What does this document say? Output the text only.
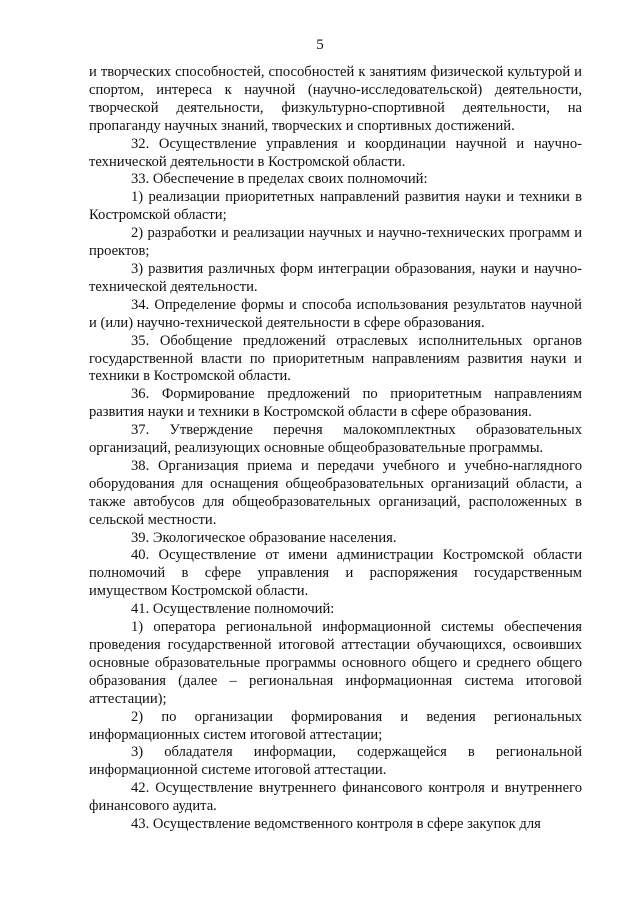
5

и творческих способностей, способностей к занятиям физической культурой и спортом, интереса к научной (научно-исследовательской) деятельности, творческой деятельности, физкультурно-спортивной деятельности, на пропаганду научных знаний, творческих и спортивных достижений.

32. Осуществление управления и координации научной и научно-технической деятельности в Костромской области.

33. Обеспечение в пределах своих полномочий:

1) реализации приоритетных направлений развития науки и техники в Костромской области;

2) разработки и реализации научных и научно-технических программ и проектов;

3) развития различных форм интеграции образования, науки и научно-технической деятельности.

34. Определение формы и способа использования результатов научной и (или) научно-технической деятельности в сфере образования.

35. Обобщение предложений отраслевых исполнительных органов государственной власти по приоритетным направлениям развития науки и техники в Костромской области.

36. Формирование предложений по приоритетным направлениям развития науки и техники в Костромской области в сфере образования.

37. Утверждение перечня малокомплектных образовательных организаций, реализующих основные общеобразовательные программы.

38. Организация приема и передачи учебного и учебно-наглядного оборудования для оснащения общеобразовательных организаций области, а также автобусов для общеобразовательных организаций, расположенных в сельской местности.

39. Экологическое образование населения.

40. Осуществление от имени администрации Костромской области полномочий в сфере управления и распоряжения государственным имуществом Костромской области.

41. Осуществление полномочий:

1) оператора региональной информационной системы обеспечения проведения государственной итоговой аттестации обучающихся, освоивших основные образовательные программы основного общего и среднего общего образования (далее – региональная информационная система итоговой аттестации);

2) по организации формирования и ведения региональных информационных систем итоговой аттестации;

3) обладателя информации, содержащейся в региональной информационной системе итоговой аттестации.

42. Осуществление внутреннего финансового контроля и внутреннего финансового аудита.

43. Осуществление ведомственного контроля в сфере закупок для
